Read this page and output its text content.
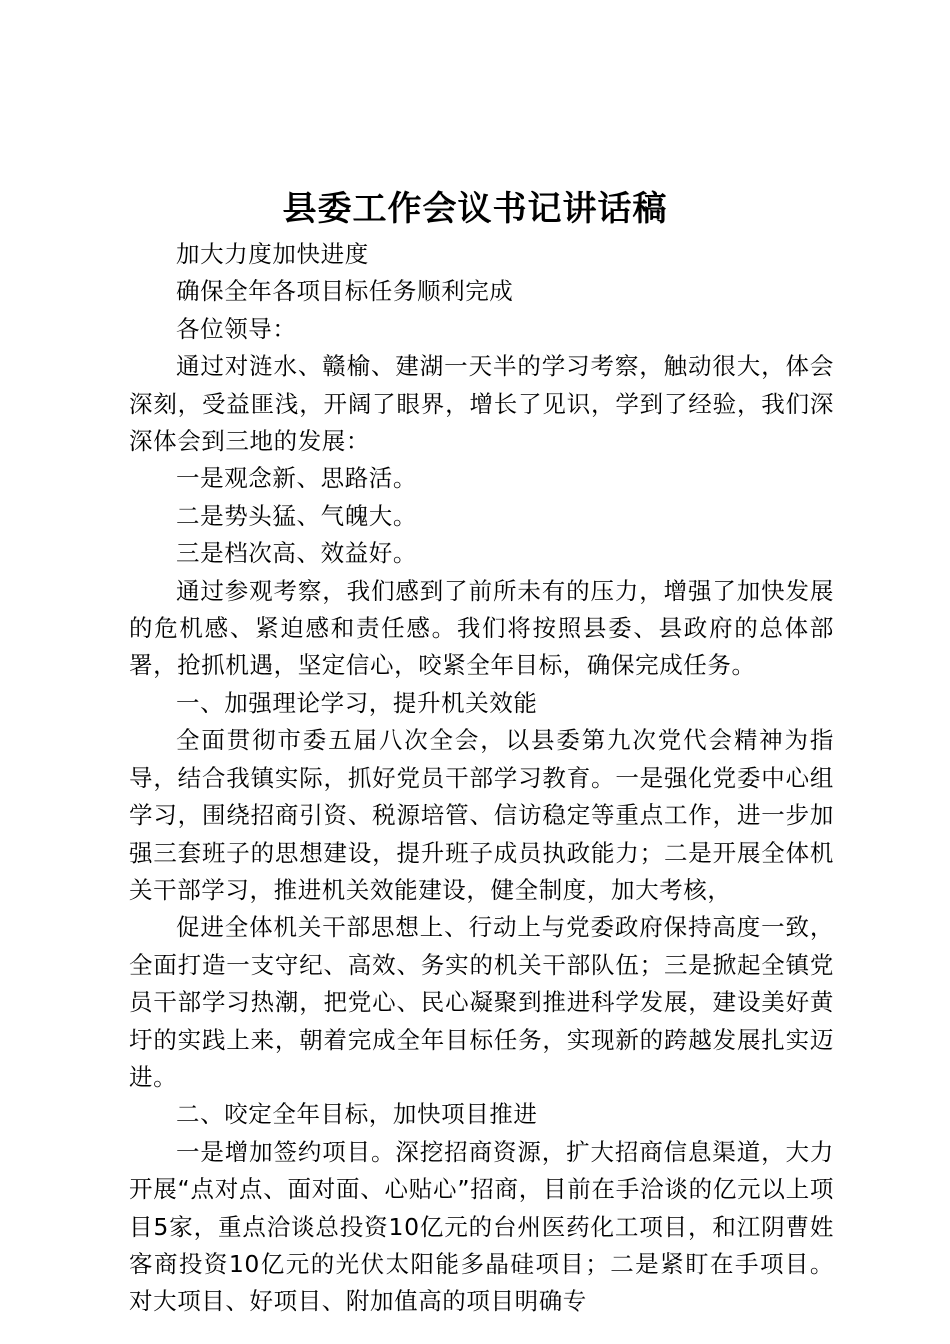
县委工作会议书记讲话稿

加大力度加快进度

确保全年各项目标任务顺利完成

各位领导：

通过对涟水、赣榆、建湖一天半的学习考察，触动很大，体会深刻，受益匪浅，开阔了眼界，增长了见识，学到了经验，我们深深体会到三地的发展：

一是观念新、思路活。

二是势头猛、气魄大。

三是档次高、效益好。

通过参观考察，我们感到了前所未有的压力，增强了加快发展的危机感、紧迫感和责任感。我们将按照县委、县政府的总体部署，抢抓机遇，坚定信心，咬紧全年目标，确保完成任务。

一、加强理论学习，提升机关效能

全面贯彻市委五届八次全会，以县委第九次党代会精神为指导，结合我镇实际，抓好党员干部学习教育。一是强化党委中心组学习，围绕招商引资、税源培管、信访稳定等重点工作，进一步加强三套班子的思想建设，提升班子成员执政能力；二是开展全体机关干部学习，推进机关效能建设，健全制度，加大考核，

促进全体机关干部思想上、行动上与党委政府保持高度一致，全面打造一支守纪、高效、务实的机关干部队伍；三是掀起全镇党员干部学习热潮，把党心、民心凝聚到推进科学发展，建设美好黄圩的实践上来，朝着完成全年目标任务，实现新的跨越发展扎实迈进。

二、咬定全年目标，加快项目推进

一是增加签约项目。深挖招商资源，扩大招商信息渠道，大力开展“点对点、面对面、心贴心”招商，目前在手洽谈的亿元以上项目5家，重点洽谈总投资10亿元的台州医药化工项目，和江阴曹姓客商投资10亿元的光伏太阳能多晶硅项目；二是紧盯在手项目。对大项目、好项目、附加值高的项目明确专
